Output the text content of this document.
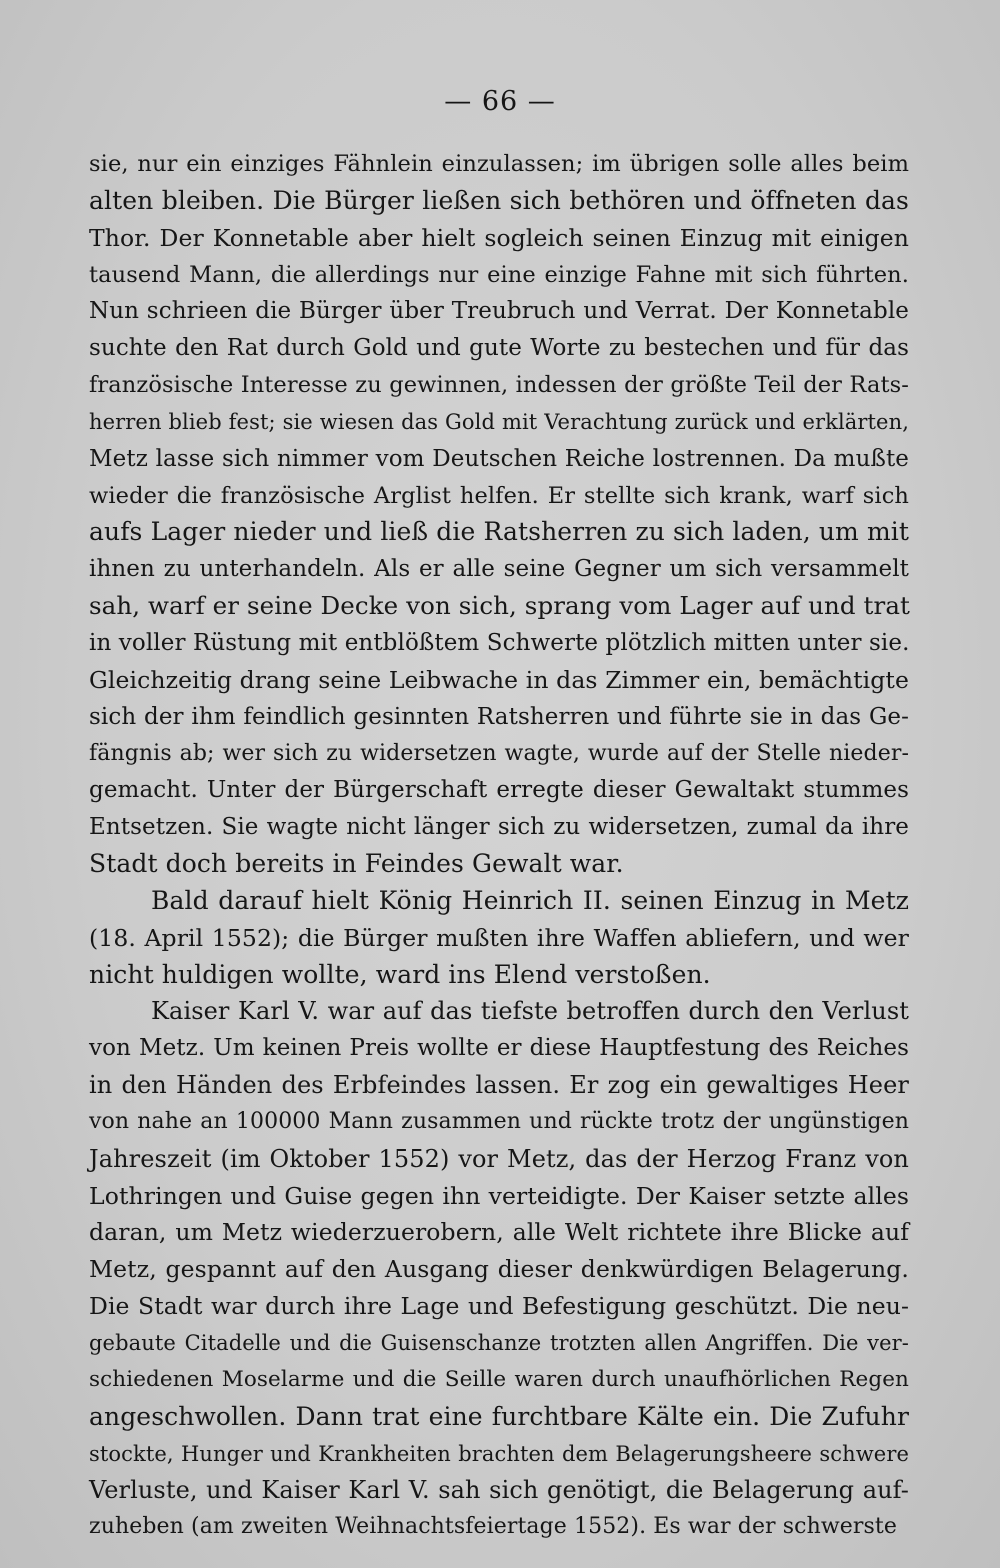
— 66 —
sie, nur ein einziges Fähnlein einzulassen; im übrigen solle alles beim
alten bleiben. Die Bürger ließen sich bethören und öffneten das
Thor. Der Konnetable aber hielt sogleich seinen Einzug mit einigen
tausend Mann, die allerdings nur eine einzige Fahne mit sich führten.
Nun schrieen die Bürger über Treubruch und Verrat. Der Konnetable
suchte den Rat durch Gold und gute Worte zu bestechen und für das
französische Interesse zu gewinnen, indessen der größte Teil der Rats-
herren blieb fest; sie wiesen das Gold mit Verachtung zurück und erklärten,
Metz lasse sich nimmer vom Deutschen Reiche lostrennen. Da mußte
wieder die französische Arglist helfen. Er stellte sich krank, warf sich
aufs Lager nieder und ließ die Ratsherren zu sich laden, um mit
ihnen zu unterhandeln. Als er alle seine Gegner um sich versammelt
sah, warf er seine Decke von sich, sprang vom Lager auf und trat
in voller Rüstung mit entblößtem Schwerte plötzlich mitten unter sie.
Gleichzeitig drang seine Leibwache in das Zimmer ein, bemächtigte
sich der ihm feindlich gesinnten Ratsherren und führte sie in das Ge-
fängnis ab; wer sich zu widersetzen wagte, wurde auf der Stelle nieder-
gemacht. Unter der Bürgerschaft erregte dieser Gewaltakt stummes
Entsetzen. Sie wagte nicht länger sich zu widersetzen, zumal da ihre
Stadt doch bereits in Feindes Gewalt war.
Bald darauf hielt König Heinrich II. seinen Einzug in Metz
(18. April 1552); die Bürger mußten ihre Waffen abliefern, und wer
nicht huldigen wollte, ward ins Elend verstoßen.
Kaiser Karl V. war auf das tiefste betroffen durch den Verlust
von Metz. Um keinen Preis wollte er diese Hauptfestung des Reiches
in den Händen des Erbfeindes lassen. Er zog ein gewaltiges Heer
von nahe an 100000 Mann zusammen und rückte trotz der ungünstigen
Jahreszeit (im Oktober 1552) vor Metz, das der Herzog Franz von
Lothringen und Guise gegen ihn verteidigte. Der Kaiser setzte alles
daran, um Metz wiederzuerobern, alle Welt richtete ihre Blicke auf
Metz, gespannt auf den Ausgang dieser denkwürdigen Belagerung.
Die Stadt war durch ihre Lage und Befestigung geschützt. Die neu-
gebaute Citadelle und die Guisenschanze trotzten allen Angriffen. Die ver-
schiedenen Moselarme und die Seille waren durch unaufhörlichen Regen
angeschwollen. Dann trat eine furchtbare Kälte ein. Die Zufuhr
stockte, Hunger und Krankheiten brachten dem Belagerungsheere schwere
Verluste, und Kaiser Karl V. sah sich genötigt, die Belagerung auf-
zuheben (am zweiten Weihnachtsfeiertage 1552). Es war der schwerste
